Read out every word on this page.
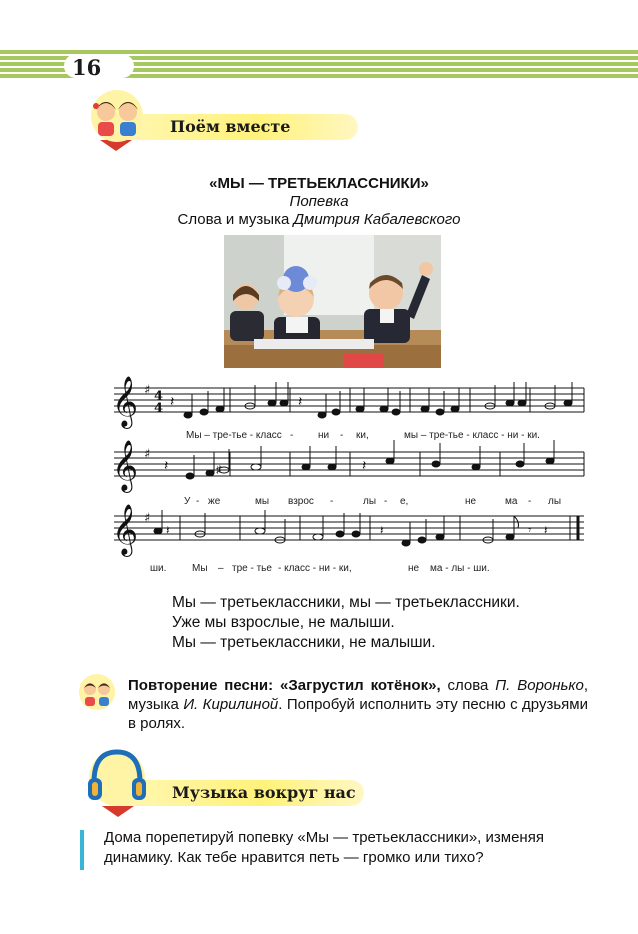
16
Поём вместе
«МЫ — ТРЕТЬЕКЛАССНИКИ»
Попевка
Слова и музыка Дмитрия Кабалевского
𝄞
𝄞
𝄞
♯
♯
♯
4
4 𝄽	𝄽
𝄽	♯	𝄽
𝄽	𝄽	𝄾 𝄽
Мы – тре-тье - класс - ни - ки,	мы – тре-тье - класс - ни - ки.
У - же	мы взрос -	лы - е,	не	ма - лы
ши.	Мы – тре - тье - класс - ни - ки,	не ма - лы - ши.
Мы — третьеклассники, мы — третьеклассники.
Уже мы взрослые, не малыши.
Мы — третьеклассники, не малыши.
Повторение песни: «Загрустил котёнок», слова П. Воронько, музыка И. Кирилиной. Попробуй исполнить эту песню с друзьями в ролях.
Музыка вокруг нас
Дома порепетируй попевку «Мы — третьеклассники», изменяя динамику. Как тебе нравится петь — громко или тихо?
